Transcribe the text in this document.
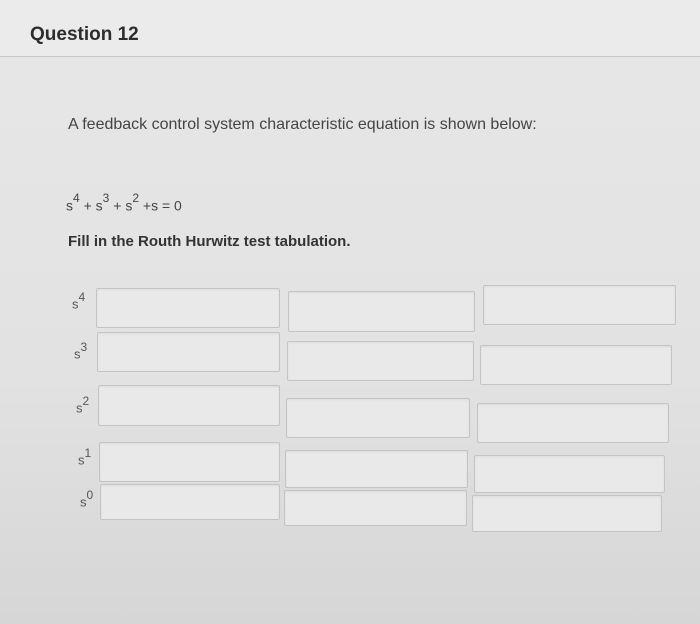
Question 12
A feedback control system characteristic equation is shown below:
$s^4 + s^3 + s^2 +s = 0$
Fill in the Routh Hurwitz test tabulation.
$s^4$
$s^3$
$s^2$
$s^1$
$s^0$
